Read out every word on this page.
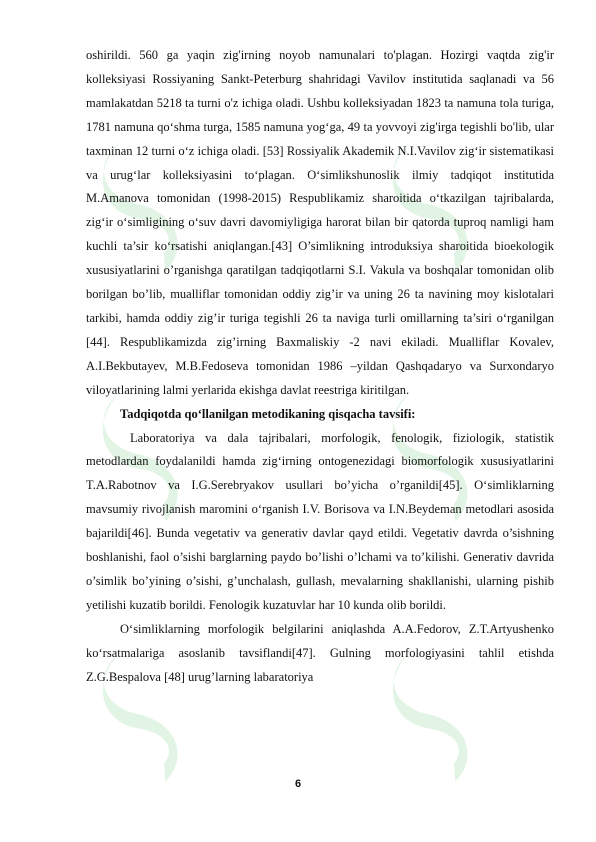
oshirildi. 560 ga yaqin zig'irning noyob namunalari to'plagan. Hozirgi vaqtda zig'ir kolleksiyasi Rossiyaning Sankt-Peterburg shahridagi Vavilov institutida saqlanadi va 56 mamlakatdan 5218 ta turni o'z ichiga oladi. Ushbu kolleksiyadan 1823 ta namuna tola turiga, 1781 namuna qo‘shma turga, 1585 namuna yog‘ga, 49 ta yovvoyi zig'irga tegishli bo'lib, ular taxminan 12 turni o‘z ichiga oladi. [53] Rossiyalik Akademik N.I.Vavilov zig‘ir sistematikasi va urug‘lar kolleksiyasini to‘plagan. O‘simlikshunoslik ilmiy tadqiqot institutida M.Amanova tomonidan (1998-2015) Respublikamiz sharoitida o‘tkazilgan tajribalarda, zig‘ir o‘simligining o‘suv davri davomiyligiga harorat bilan bir qatorda tuproq namligi ham kuchli ta’sir ko‘rsatishi aniqlangan.[43] O’simlikning introduksiya sharoitida bioekologik xususiyatlarini o’rganishga qaratilgan tadqiqotlarni S.I. Vakula va boshqalar tomonidan olib borilgan bo’lib, mualliflar tomonidan oddiy zig’ir va uning 26 ta navining moy kislotalari tarkibi, hamda oddiy zig’ir turiga tegishli 26 ta naviga turli omillarning ta’siri o‘rganilgan [44]. Respublikamizda zig’irning Baxmaliskiy -2 navi ekiladi. Mualliflar Kovalev, A.I.Bekbutayev, M.B.Fedoseva tomonidan 1986 –yildan Qashqadaryo va Surxondaryo viloyatlarining lalmi yerlarida ekishga davlat reestriga kiritilgan.

Tadqiqotda qo‘llanilgan metodikaning qisqacha tavsifi:

Laboratoriya va dala tajribalari, morfologik, fenologik, fiziologik, statistik metodlardan foydalanildi hamda zig‘irning ontogenezidagi biomorfologik xususiyatlarini T.A.Rabotnov va I.G.Serebryakov usullari bo’yicha o’rganildi[45]. O‘simliklarning mavsumiy rivojlanish maromini o‘rganish I.V. Borisova va I.N.Beydeman metodlari asosida bajarildi[46]. Bunda vegetativ va generativ davlar qayd etildi. Vegetativ davrda o’sishning boshlanishi, faol o’sishi barglarning paydo bo’lishi o’lchami va to’kilishi. Generativ davrida o’simlik bo’yining o’sishi, g’unchalash, gullash, mevalarning shakllanishi, ularning pishib yetilishi kuzatib borildi. Fenologik kuzatuvlar har 10 kunda olib borildi.

O‘simliklarning morfologik belgilarini aniqlashda A.A.Fedorov, Z.T.Artyushenko ko‘rsatmalariga asoslanib tavsiflandi[47]. Gulning morfologiyasini tahlil etishda Z.G.Bespalova [48] urug’larning labaratoriya

6
